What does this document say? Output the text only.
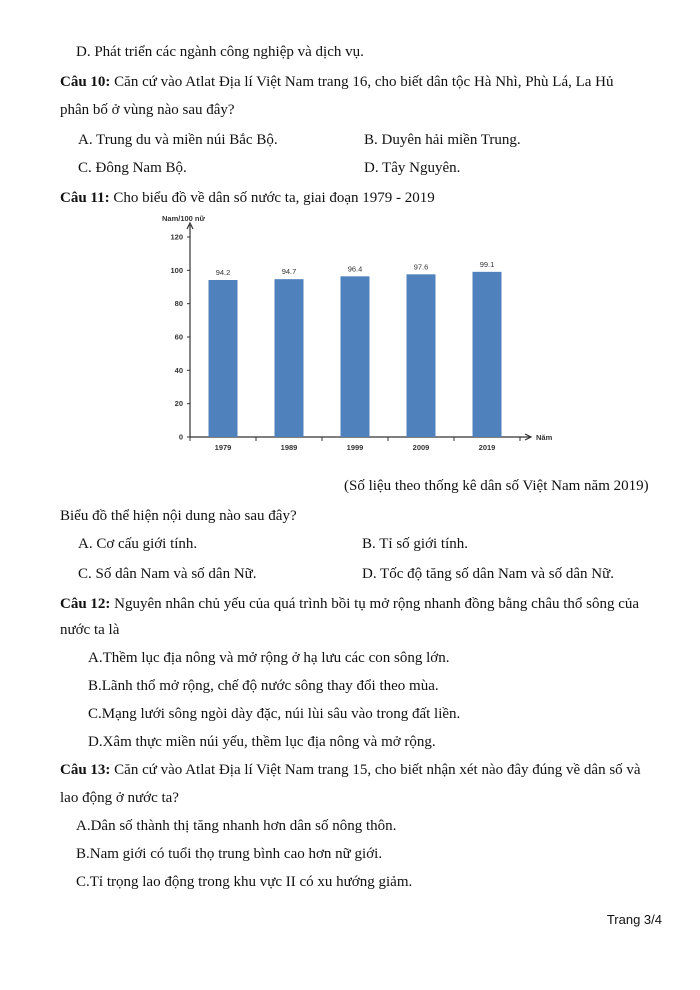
D. Phát triển các ngành công nghiệp và dịch vụ.
Câu 10: Căn cứ vào Atlat Địa lí Việt Nam trang 16, cho biết dân tộc Hà Nhì, Phù Lá, La Hủ
phân bố ở vùng nào sau đây?
A. Trung du và miền núi Bắc Bộ.	B. Duyên hải miền Trung.
C. Đông Nam Bộ.	D. Tây Nguyên.
Câu 11: Cho biểu đồ về dân số nước ta, giai đoạn 1979 - 2019
0
20
40
60
80
100
120
Nam/100 nữ
Năm
94.2
1979
94.7
1989
96.4
1999
97.6
2009
99.1
2019
(Số liệu theo thống kê dân số Việt Nam năm 2019)
Biểu đồ thể hiện nội dung nào sau đây?
A. Cơ cấu giới tính.	B. Tỉ số giới tính.
C. Số dân Nam và số dân Nữ.	D. Tốc độ tăng số dân Nam và số dân Nữ.
Câu 12: Nguyên nhân chủ yếu của quá trình bồi tụ mở rộng nhanh đồng bằng châu thổ sông của
nước ta là
A.Thềm lục địa nông và mở rộng ở hạ lưu các con sông lớn.
B.Lãnh thổ mở rộng, chế độ nước sông thay đổi theo mùa.
C.Mạng lưới sông ngòi dày đặc, núi lùi sâu vào trong đất liền.
D.Xâm thực miền núi yếu, thềm lục địa nông và mở rộng.
Câu 13: Căn cứ vào Atlat Địa lí Việt Nam trang 15, cho biết nhận xét nào đây đúng về dân số và
lao động ở nước ta?
A.Dân số thành thị tăng nhanh hơn dân số nông thôn.
B.Nam giới có tuổi thọ trung bình cao hơn nữ giới.
C.Tỉ trọng lao động trong khu vực II có xu hướng giảm.
Trang 3/4
